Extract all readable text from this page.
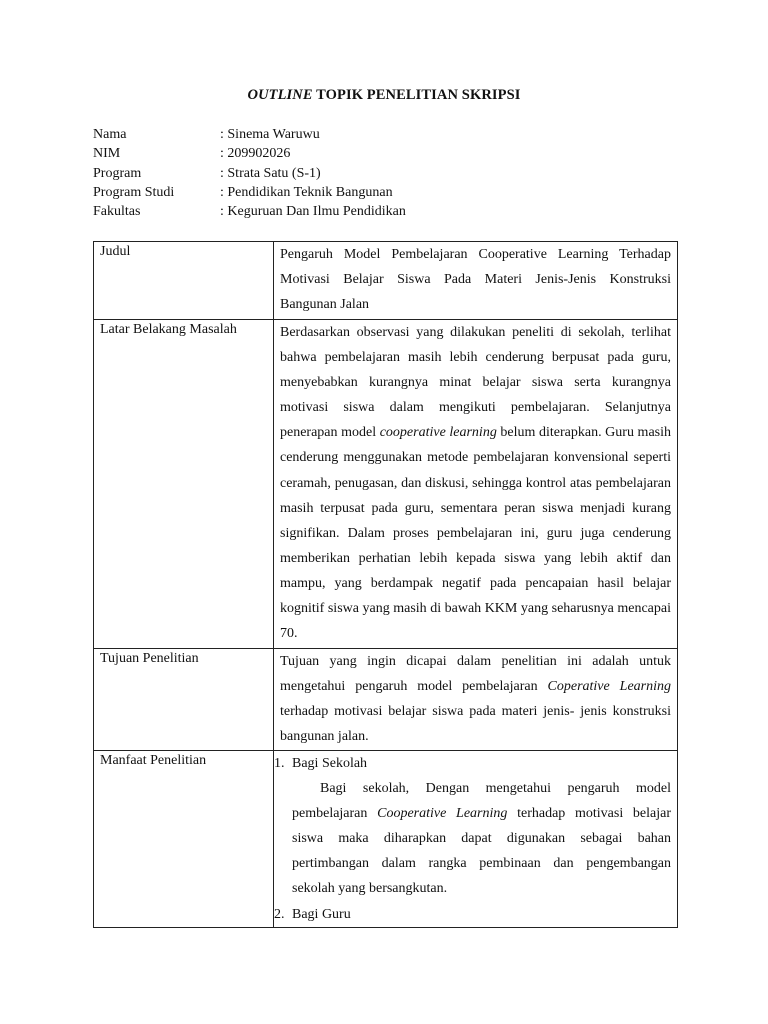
OUTLINE TOPIK PENELITIAN SKRIPSI
Nama	: Sinema Waruwu
NIM	: 209902026
Program	: Strata Satu (S-1)
Program Studi	: Pendidikan Teknik Bangunan
Fakultas	: Keguruan Dan Ilmu Pendidikan
Judul	Pengaruh Model Pembelajaran Cooperative Learning Terhadap Motivasi Belajar Siswa Pada Materi Jenis-Jenis Konstruksi Bangunan Jalan

Latar Belakang Masalah	Berdasarkan observasi yang dilakukan peneliti di sekolah, terlihat bahwa pembelajaran masih lebih cenderung berpusat pada guru, menyebabkan kurangnya minat belajar siswa serta kurangnya motivasi siswa dalam mengikuti pembelajaran. Selanjutnya penerapan model cooperative learning belum diterapkan. Guru masih cenderung menggunakan metode pembelajaran konvensional seperti ceramah, penugasan, dan diskusi, sehingga kontrol atas pembelajaran masih terpusat pada guru, sementara peran siswa menjadi kurang signifikan. Dalam proses pembelajaran ini, guru juga cenderung memberikan perhatian lebih kepada siswa yang lebih aktif dan mampu, yang berdampak negatif pada pencapaian hasil belajar kognitif siswa yang masih di bawah KKM yang seharusnya mencapai 70.

Tujuan Penelitian	Tujuan yang ingin dicapai dalam penelitian ini adalah untuk mengetahui pengaruh model pembelajaran Coperative Learning terhadap motivasi belajar siswa pada materi jenis- jenis konstruksi bangunan jalan.

Manfaat Penelitian	1. Bagi Sekolah

Bagi sekolah, Dengan mengetahui pengaruh model pembelajaran Cooperative Learning terhadap motivasi belajar siswa maka diharapkan dapat digunakan sebagai bahan pertimbangan dalam rangka pembinaan dan pengembangan sekolah yang bersangkutan.

2. Bagi Guru
